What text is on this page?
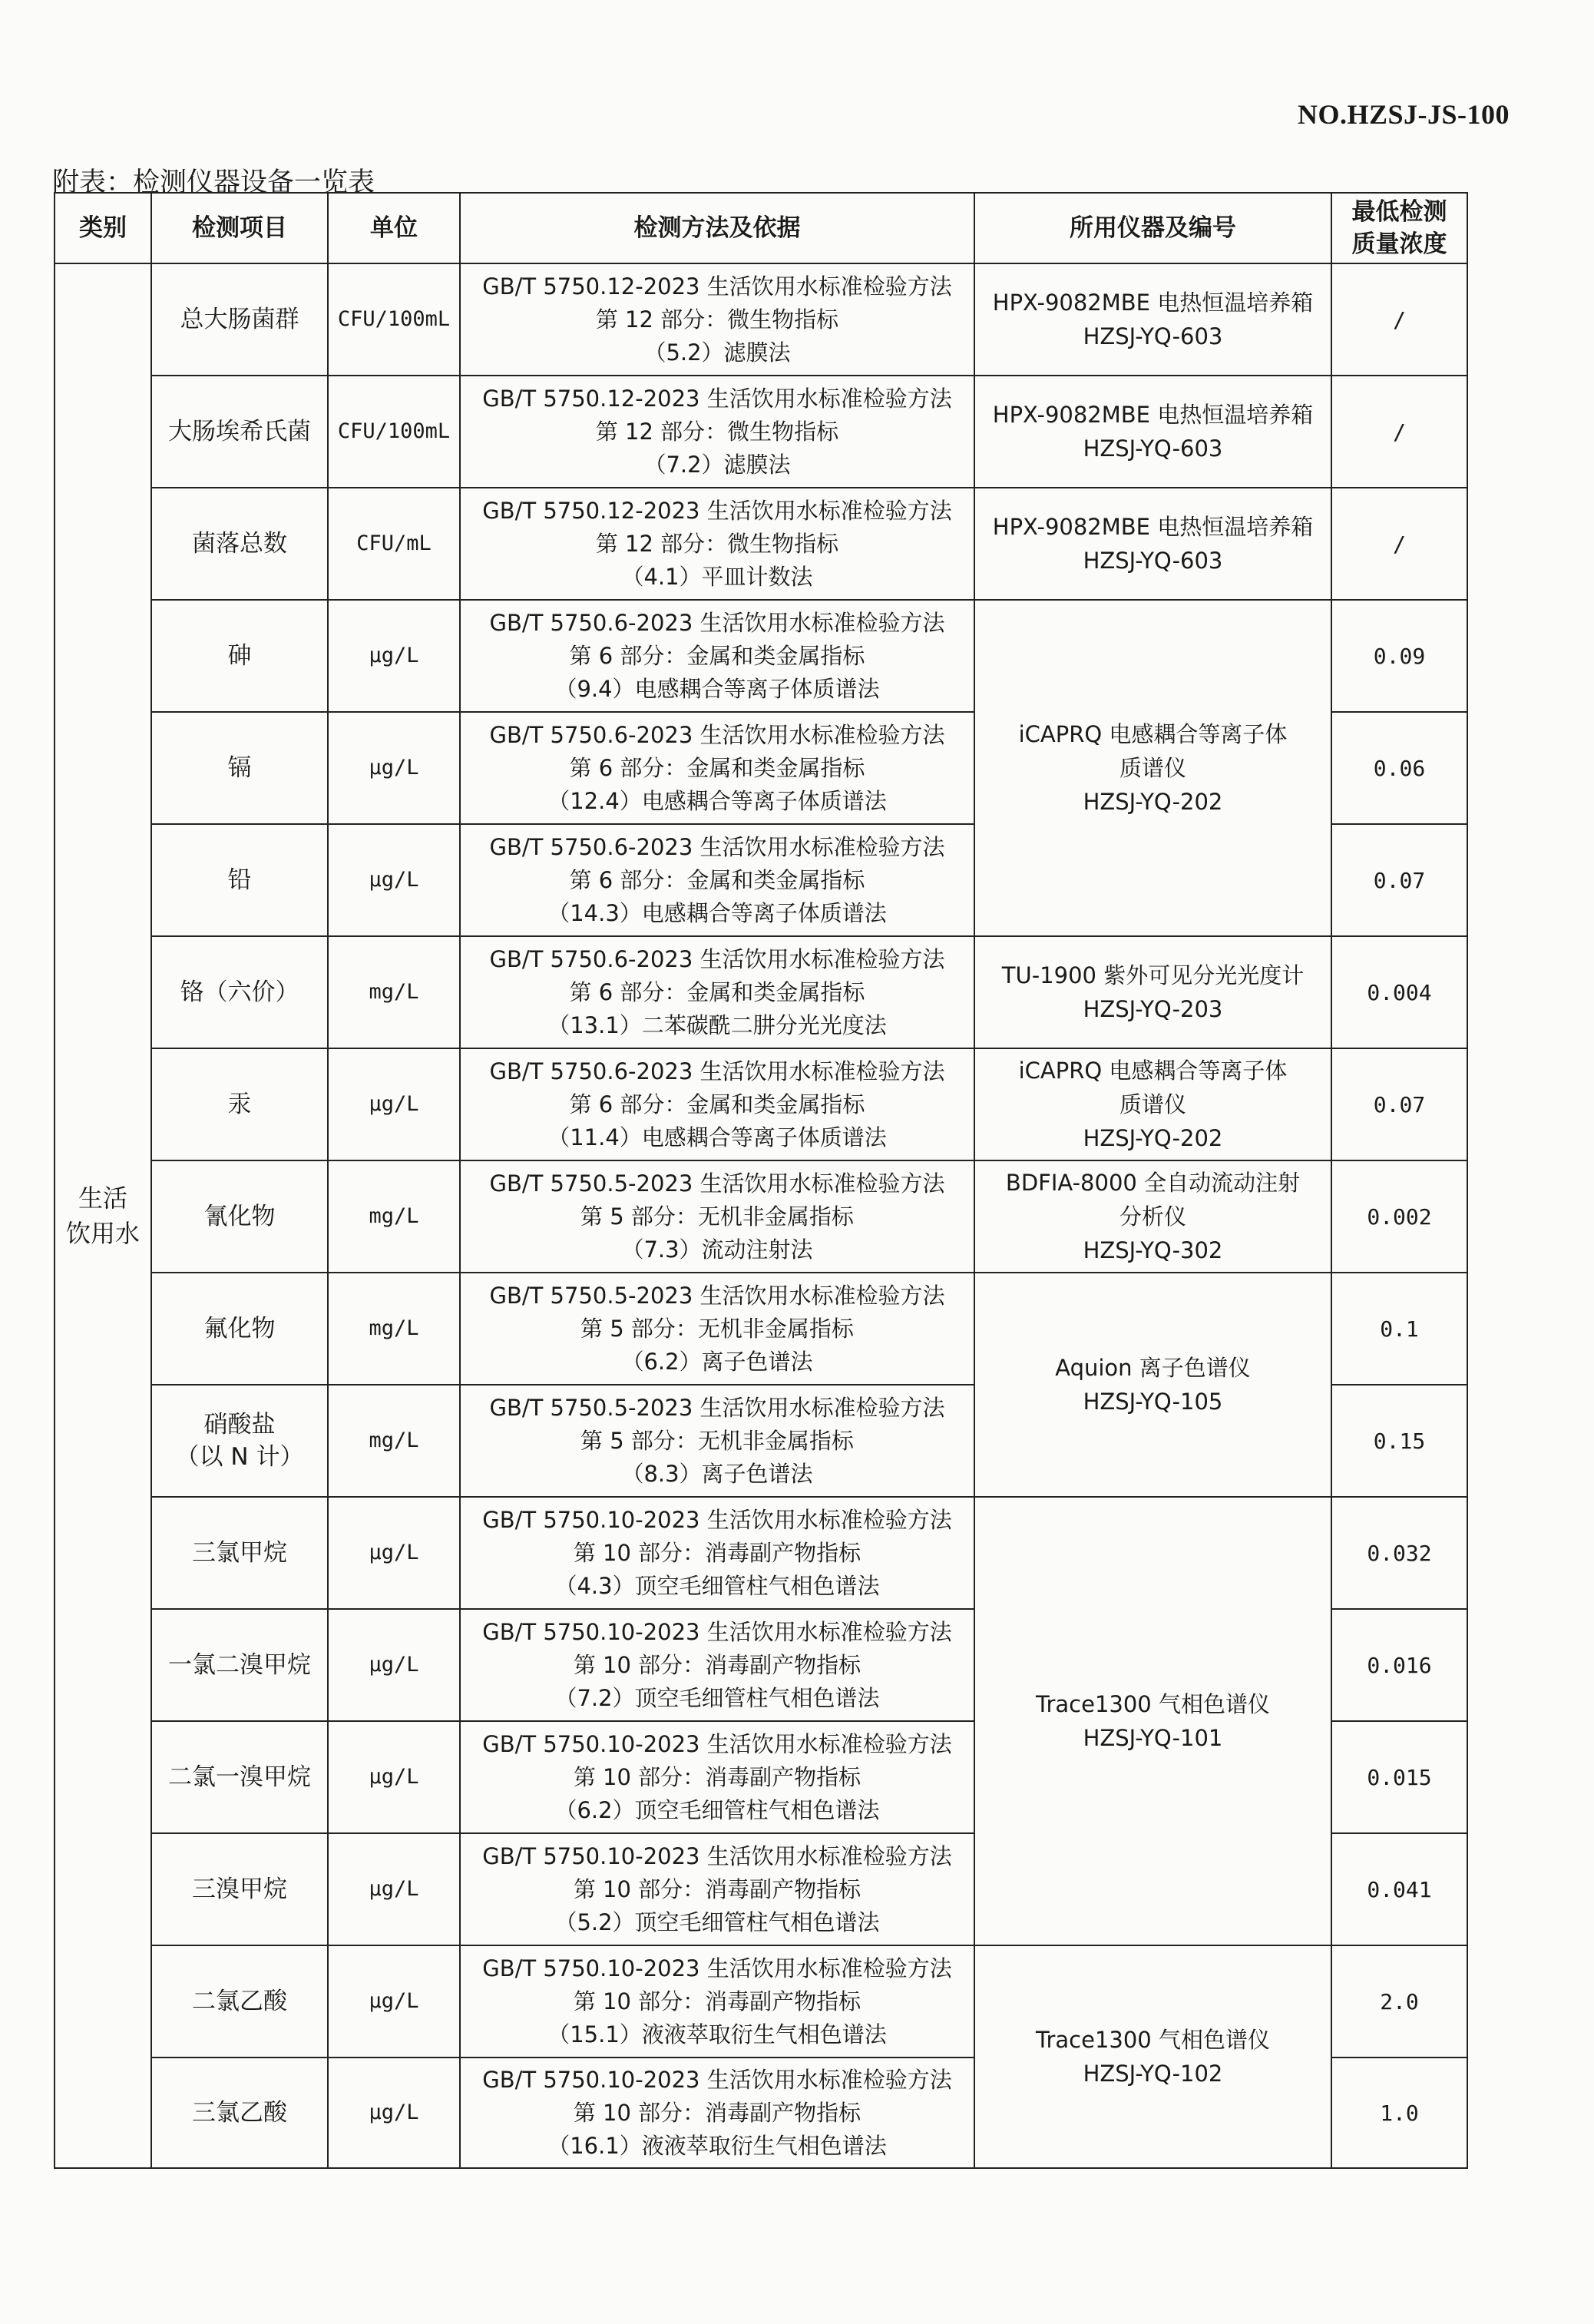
NO.HZSJ-JS-100
附表：检测仪器设备一览表
类别	检测项目	单位	检测方法及依据	所用仪器及编号	最低检测
质量浓度

生活
饮用水	总大肠菌群	CFU/100mL	GB/T 5750.12-2023 生活饮用水标准检验方法
第 12 部分：微生物指标
（5.2）滤膜法	HPX-9082MBE 电热恒温培养箱
HZSJ-YQ-603	/

	大肠埃希氏菌	CFU/100mL	GB/T 5750.12-2023 生活饮用水标准检验方法
第 12 部分：微生物指标
（7.2）滤膜法	HPX-9082MBE 电热恒温培养箱
HZSJ-YQ-603	/

	菌落总数	CFU/mL	GB/T 5750.12-2023 生活饮用水标准检验方法
第 12 部分：微生物指标
（4.1）平皿计数法	HPX-9082MBE 电热恒温培养箱
HZSJ-YQ-603	/

	砷	μg/L	GB/T 5750.6-2023 生活饮用水标准检验方法
第 6 部分：金属和类金属指标
（9.4）电感耦合等离子体质谱法	iCAPRQ 电感耦合等离子体
质谱仪
HZSJ-YQ-202	0.09

	镉	μg/L	GB/T 5750.6-2023 生活饮用水标准检验方法
第 6 部分：金属和类金属指标
（12.4）电感耦合等离子体质谱法		0.06

	铅	μg/L	GB/T 5750.6-2023 生活饮用水标准检验方法
第 6 部分：金属和类金属指标
（14.3）电感耦合等离子体质谱法		0.07

	铬（六价）	mg/L	GB/T 5750.6-2023 生活饮用水标准检验方法
第 6 部分：金属和类金属指标
（13.1）二苯碳酰二肼分光光度法	TU-1900 紫外可见分光光度计
HZSJ-YQ-203	0.004

	汞	μg/L	GB/T 5750.6-2023 生活饮用水标准检验方法
第 6 部分：金属和类金属指标
（11.4）电感耦合等离子体质谱法	iCAPRQ 电感耦合等离子体
质谱仪
HZSJ-YQ-202	0.07

	氰化物	mg/L	GB/T 5750.5-2023 生活饮用水标准检验方法
第 5 部分：无机非金属指标
（7.3）流动注射法	BDFIA-8000 全自动流动注射
分析仪
HZSJ-YQ-302	0.002

	氟化物	mg/L	GB/T 5750.5-2023 生活饮用水标准检验方法
第 5 部分：无机非金属指标
（6.2）离子色谱法	Aquion 离子色谱仪
HZSJ-YQ-105	0.1

	硝酸盐
（以 N 计）	mg/L	GB/T 5750.5-2023 生活饮用水标准检验方法
第 5 部分：无机非金属指标
（8.3）离子色谱法		0.15

	三氯甲烷	μg/L	GB/T 5750.10-2023 生活饮用水标准检验方法
第 10 部分：消毒副产物指标
（4.3）顶空毛细管柱气相色谱法	Trace1300 气相色谱仪
HZSJ-YQ-101	0.032

	一氯二溴甲烷	μg/L	GB/T 5750.10-2023 生活饮用水标准检验方法
第 10 部分：消毒副产物指标
（7.2）顶空毛细管柱气相色谱法		0.016

	二氯一溴甲烷	μg/L	GB/T 5750.10-2023 生活饮用水标准检验方法
第 10 部分：消毒副产物指标
（6.2）顶空毛细管柱气相色谱法		0.015

	三溴甲烷	μg/L	GB/T 5750.10-2023 生活饮用水标准检验方法
第 10 部分：消毒副产物指标
（5.2）顶空毛细管柱气相色谱法		0.041

	二氯乙酸	μg/L	GB/T 5750.10-2023 生活饮用水标准检验方法
第 10 部分：消毒副产物指标
（15.1）液液萃取衍生气相色谱法	Trace1300 气相色谱仪
HZSJ-YQ-102	2.0

	三氯乙酸	μg/L	GB/T 5750.10-2023 生活饮用水标准检验方法
第 10 部分：消毒副产物指标
（16.1）液液萃取衍生气相色谱法		1.0
